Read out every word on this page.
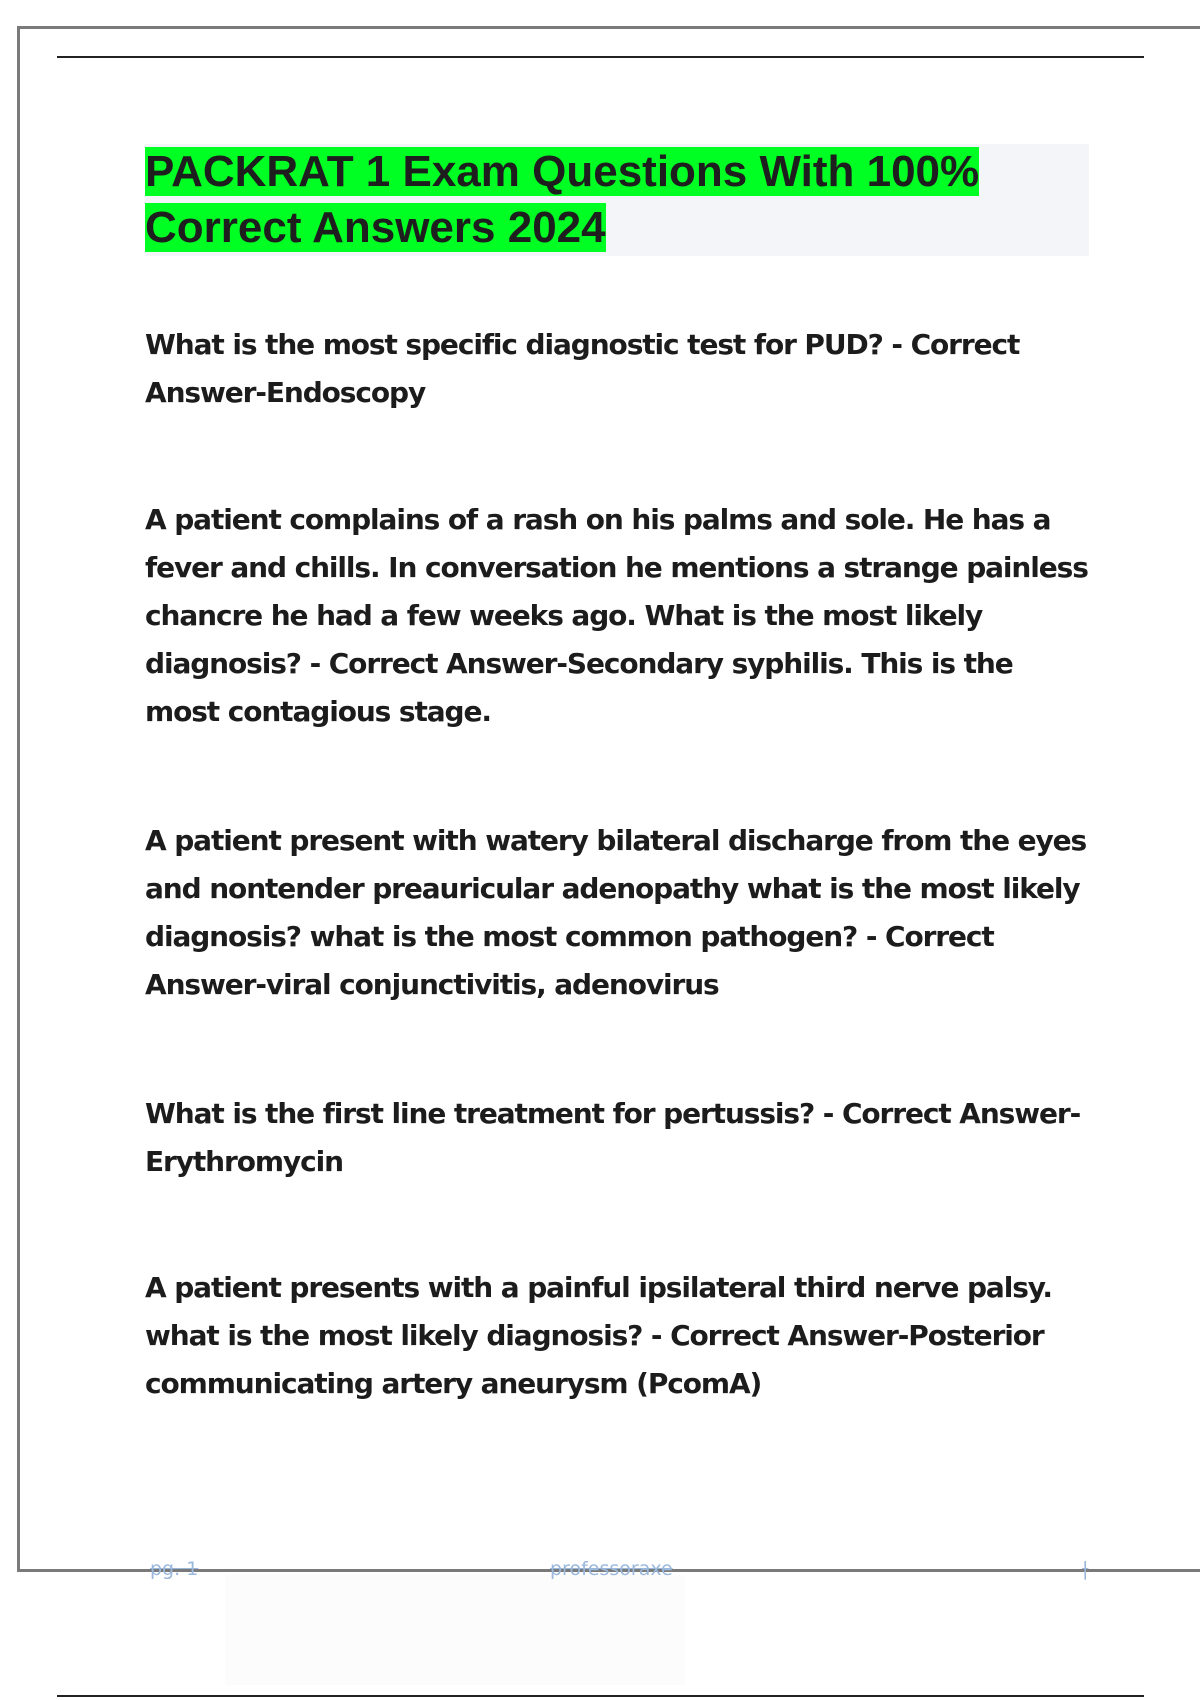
PACKRAT 1 Exam Questions With 100%
Correct Answers 2024

What is the most specific diagnostic test for PUD? - Correct Answer-Endoscopy

A patient complains of a rash on his palms and sole. He has a fever and chills. In conversation he mentions a strange painless chancre he had a few weeks ago. What is the most likely diagnosis? - Correct Answer-Secondary syphilis. This is the most contagious stage.

A patient present with watery bilateral discharge from the eyes and nontender preauricular adenopathy what is the most likely diagnosis? what is the most common pathogen? - Correct Answer-viral conjunctivitis, adenovirus

What is the first line treatment for pertussis? - Correct Answer-Erythromycin

A patient presents with a painful ipsilateral third nerve palsy. what is the most likely diagnosis? - Correct Answer-Posterior communicating artery aneurysm (PcomA)

pg. 1	professoraxe	|
